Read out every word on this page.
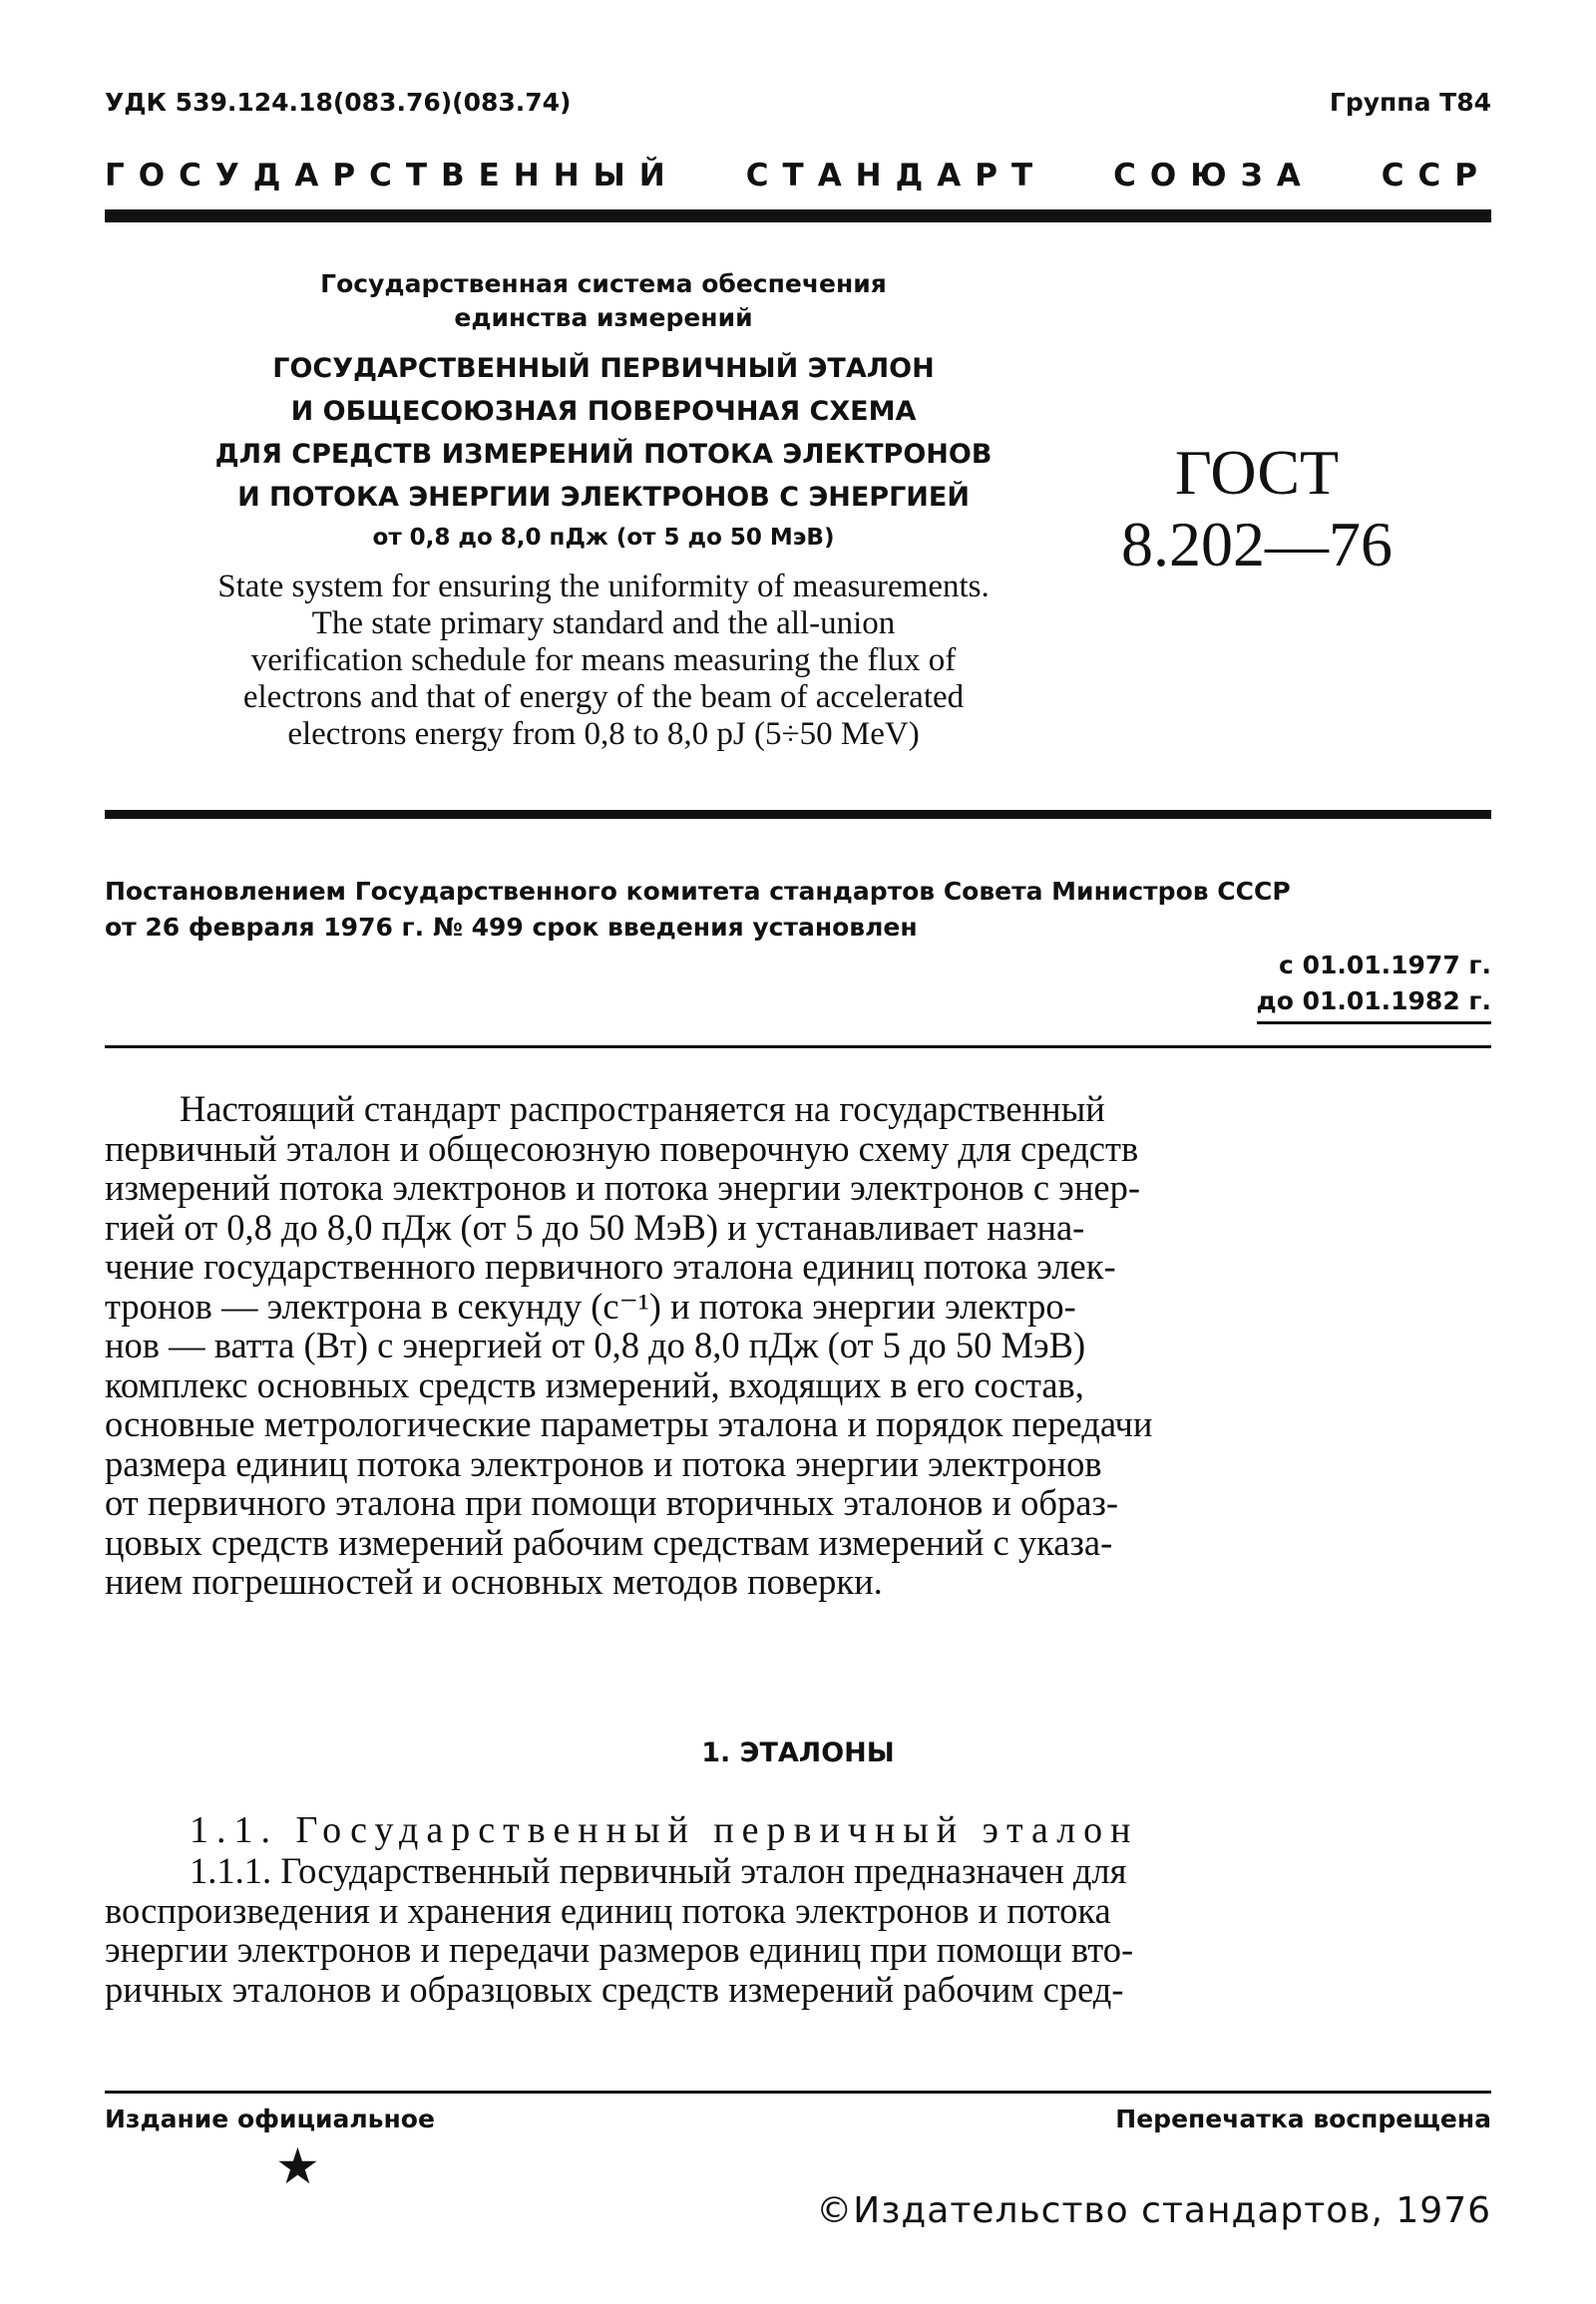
УДК 539.124.18(083.76)(083.74)	Группа Т84
ГОСУДАРСТВЕННЫЙ СТАНДАРТ СОЮЗА ССР
Государственная система обеспечения
единства измерений
ГОСУДАРСТВЕННЫЙ ПЕРВИЧНЫЙ ЭТАЛОН
И ОБЩЕСОЮЗНАЯ ПОВЕРОЧНАЯ СХЕМА
ДЛЯ СРЕДСТВ ИЗМЕРЕНИЙ ПОТОКА ЭЛЕКТРОНОВ
И ПОТОКА ЭНЕРГИИ ЭЛЕКТРОНОВ С ЭНЕРГИЕЙ
от 0,8 до 8,0 пДж (от 5 до 50 МэВ)
State system for ensuring the uniformity of measurements.
The state primary standard and the all-union
verification schedule for means measuring the flux of
electrons and that of energy of the beam of accelerated
electrons energy from 0,8 to 8,0 pJ (5÷50 MeV)
ГОСТ
8.202—76
Постановлением Государственного комитета стандартов Совета Министров СССР
от 26 февраля 1976 г. № 499 срок введения установлен
с 01.01.1977 г.
до 01.01.1982 г.
Настоящий стандарт распространяется на государственный
первичный эталон и общесоюзную поверочную схему для средств
измерений потока электронов и потока энергии электронов с энер-
гией от 0,8 до 8,0 пДж (от 5 до 50 МэВ) и устанавливает назна-
чение государственного первичного эталона единиц потока элек-
тронов — электрона в секунду (с⁻¹) и потока энергии электро-
нов — ватта (Вт) с энергией от 0,8 до 8,0 пДж (от 5 до 50 МэВ)
комплекс основных средств измерений, входящих в его состав,
основные метрологические параметры эталона и порядок передачи
размера единиц потока электронов и потока энергии электронов
от первичного эталона при помощи вторичных эталонов и образ-
цовых средств измерений рабочим средствам измерений с указа-
нием погрешностей и основных методов поверки.
1. ЭТАЛОНЫ
1.1. Государственный первичный эталон
1.1.1. Государственный первичный эталон предназначен для
воспроизведения и хранения единиц потока электронов и потока
энергии электронов и передачи размеров единиц при помощи вто-
ричных эталонов и образцовых средств измерений рабочим сред-
Издание официальное	Перепечатка воспрещена
★
©Издательство стандартов, 1976
